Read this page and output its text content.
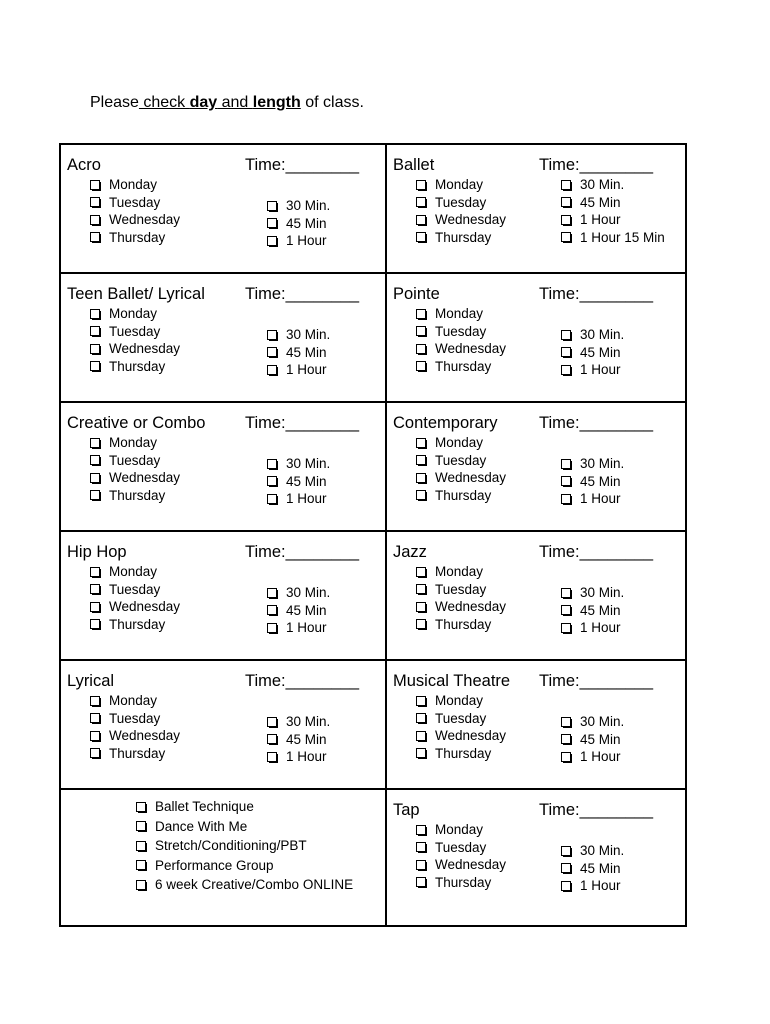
Please check day and length of class.
Acro	Time:________
Monday
Tuesday
Wednesday
Thursday
30 Min.
45 Min
1 Hour
Ballet	Time:________
Monday
Tuesday
Wednesday
Thursday
30 Min.
45 Min
1 Hour
1 Hour 15 Min
Teen Ballet/ Lyrical Time:________
Monday
Tuesday
Wednesday
Thursday
30 Min.
45 Min
1 Hour
Pointe	Time:________
Monday
Tuesday
Wednesday
Thursday
30 Min.
45 Min
1 Hour
Creative or Combo Time:________
Monday
Tuesday
Wednesday
Thursday
30 Min.
45 Min
1 Hour
Contemporary	Time:________
Monday
Tuesday
Wednesday
Thursday
30 Min.
45 Min
1 Hour
Hip Hop	Time:________
Monday
Tuesday
Wednesday
Thursday
30 Min.
45 Min
1 Hour
Jazz	Time:________
Monday
Tuesday
Wednesday
Thursday
30 Min.
45 Min
1 Hour
Lyrical	Time:________
Monday
Tuesday
Wednesday
Thursday
30 Min.
45 Min
1 Hour
Musical Theatre Time:________
Monday
Tuesday
Wednesday
Thursday
30 Min.
45 Min
1 Hour
Ballet Technique
Dance With Me
Stretch/Conditioning/PBT
Performance Group
6 week Creative/Combo ONLINE
Tap	Time:________
Monday
Tuesday
Wednesday
Thursday
30 Min.
45 Min
1 Hour
